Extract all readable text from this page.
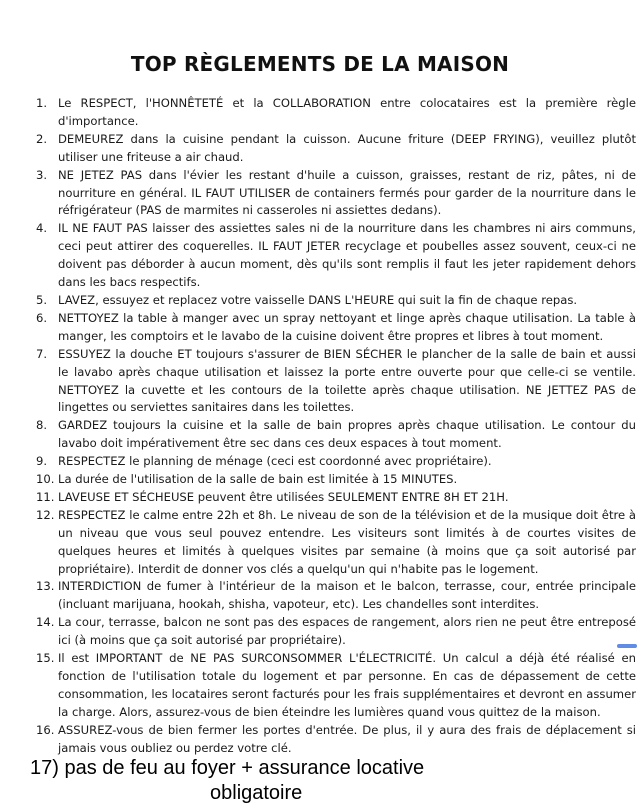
TOP RÈGLEMENTS DE LA MAISON
1. Le RESPECT, l'HONNÊTETÉ et la COLLABORATION entre colocataires est la première règle d'importance.
2. DEMEUREZ dans la cuisine pendant la cuisson. Aucune friture (DEEP FRYING), veuillez plutôt utiliser une friteuse a air chaud.
3. NE JETEZ PAS dans l'évier les restant d'huile a cuisson, graisses, restant de riz, pâtes, ni de nourriture en général. IL FAUT UTILISER de containers fermés pour garder de la nourriture dans le réfrigérateur (PAS de marmites ni casseroles ni assiettes dedans).
4. IL NE FAUT PAS laisser des assiettes sales ni de la nourriture dans les chambres ni airs communs, ceci peut attirer des coquerelles. IL FAUT JETER recyclage et poubelles assez souvent, ceux-ci ne doivent pas déborder à aucun moment, dès qu'ils sont remplis il faut les jeter rapidement dehors dans les bacs respectifs.
5. LAVEZ, essuyez et replacez votre vaisselle DANS L'HEURE qui suit la fin de chaque repas.
6. NETTOYEZ la table à manger avec un spray nettoyant et linge après chaque utilisation. La table à manger, les comptoirs et le lavabo de la cuisine doivent être propres et libres à tout moment.
7. ESSUYEZ la douche ET toujours s'assurer de BIEN SÉCHER le plancher de la salle de bain et aussi le lavabo après chaque utilisation et laissez la porte entre ouverte pour que celle-ci se ventile. NETTOYEZ la cuvette et les contours de la toilette après chaque utilisation. NE JETTEZ PAS de lingettes ou serviettes sanitaires dans les toilettes.
8. GARDEZ toujours la cuisine et la salle de bain propres après chaque utilisation. Le contour du lavabo doit impérativement être sec dans ces deux espaces à tout moment.
9. RESPECTEZ le planning de ménage (ceci est coordonné avec propriétaire).
10. La durée de l'utilisation de la salle de bain est limitée à 15 MINUTES.
11. LAVEUSE ET SÉCHEUSE peuvent être utilisées SEULEMENT ENTRE 8H ET 21H.
12. RESPECTEZ le calme entre 22h et 8h. Le niveau de son de la télévision et de la musique doit être à un niveau que vous seul pouvez entendre. Les visiteurs sont limités à de courtes visites de quelques heures et limités à quelques visites par semaine (à moins que ça soit autorisé par propriétaire). Interdit de donner vos clés a quelqu'un qui n'habite pas le logement.
13. INTERDICTION de fumer à l'intérieur de la maison et le balcon, terrasse, cour, entrée principale (incluant marijuana, hookah, shisha, vapoteur, etc). Les chandelles sont interdites.
14. La cour, terrasse, balcon ne sont pas des espaces de rangement, alors rien ne peut être entreposé ici (à moins que ça soit autorisé par propriétaire).
15. Il est IMPORTANT de NE PAS SURCONSOMMER L'ÉLECTRICITÉ. Un calcul a déjà été réalisé en fonction de l'utilisation totale du logement et par personne. En cas de dépassement de cette consommation, les locataires seront facturés pour les frais supplémentaires et devront en assumer la charge. Alors, assurez-vous de bien éteindre les lumières quand vous quittez de la maison.
16. ASSUREZ-vous de bien fermer les portes d'entrée. De plus, il y aura des frais de déplacement si jamais vous oubliez ou perdez votre clé.
17) pas de feu au foyer + assurance locative
obligatoire
